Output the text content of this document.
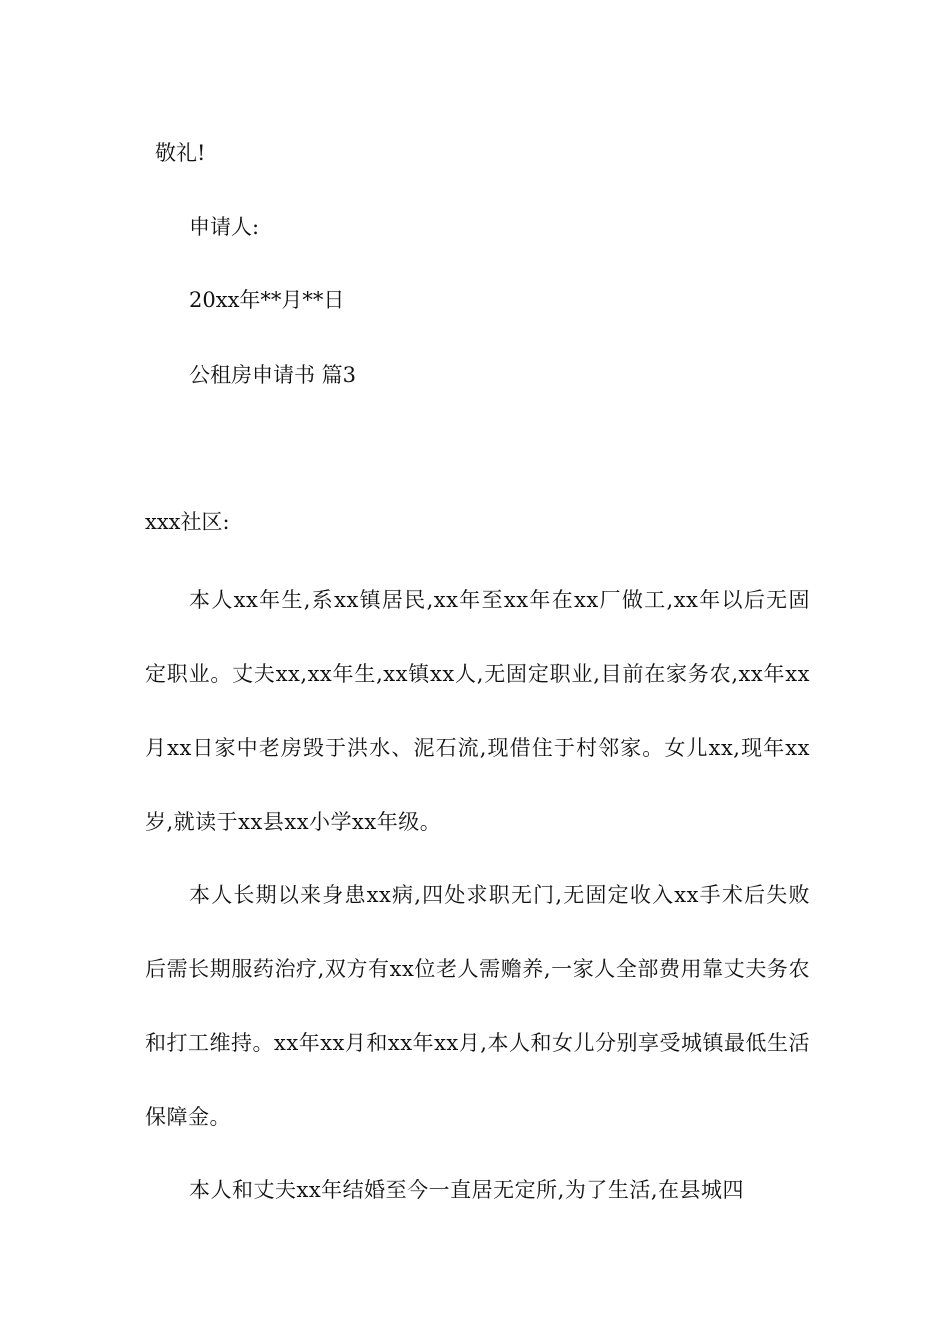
敬礼!
申请人:
20xx年**月**日
公租房申请书 篇3
xxx社区:
本人xx年生,系xx镇居民,xx年至xx年在xx厂做工,xx年以后无固定职业。丈夫xx,xx年生,xx镇xx人,无固定职业,目前在家务农,xx年xx月xx日家中老房毁于洪水、泥石流,现借住于村邻家。女儿xx,现年xx岁,就读于xx县xx小学xx年级。
本人长期以来身患xx病,四处求职无门,无固定收入xx手术后失败后需长期服药治疗,双方有xx位老人需赡养,一家人全部费用靠丈夫务农和打工维持。xx年xx月和xx年xx月,本人和女儿分别享受城镇最低生活保障金。
本人和丈夫xx年结婚至今一直居无定所,为了生活,在县城四
